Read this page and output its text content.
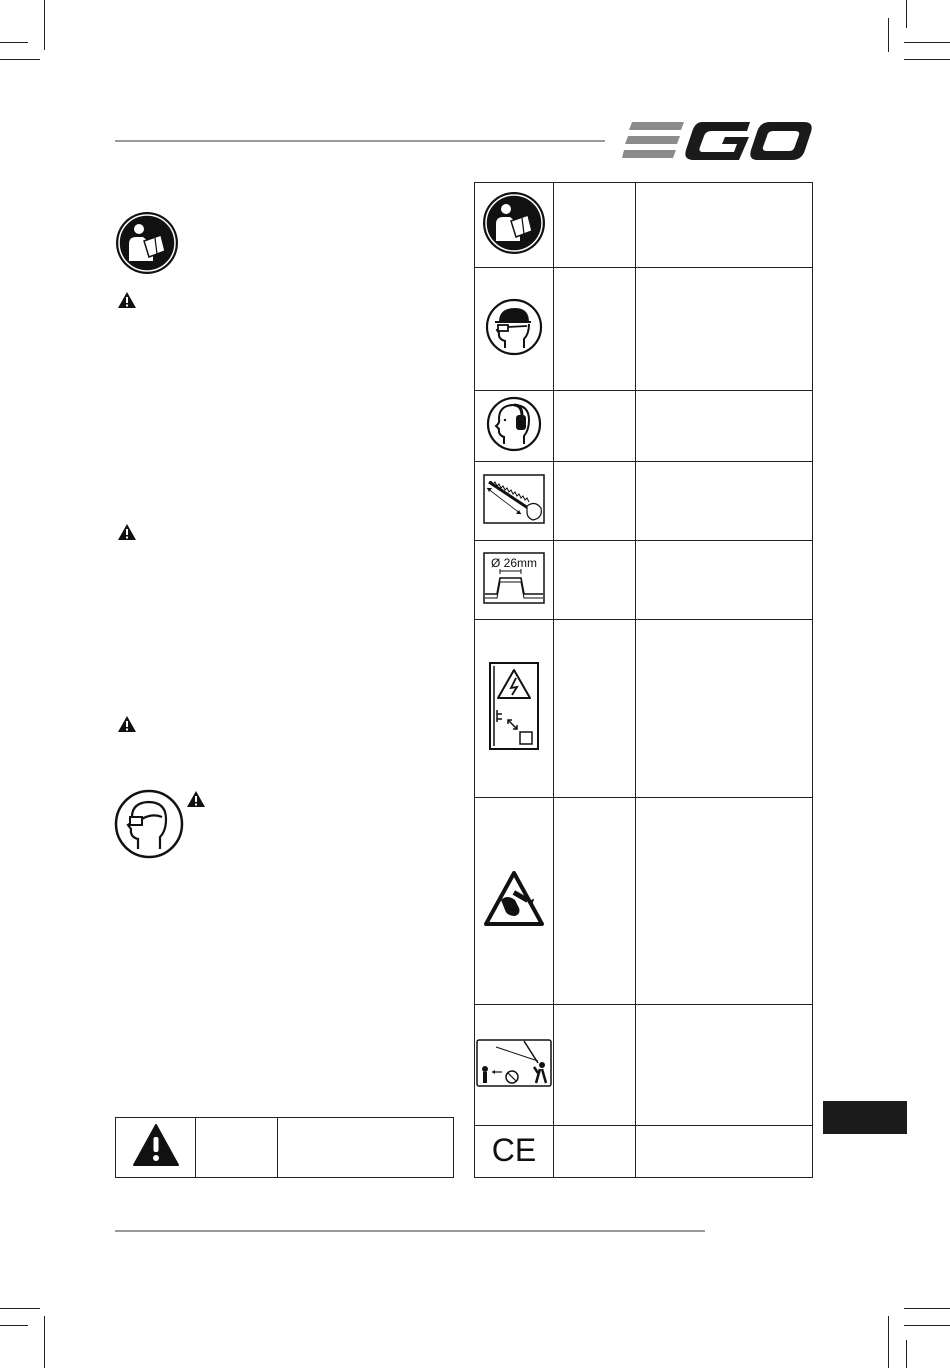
Ø 26mm		

CE		
